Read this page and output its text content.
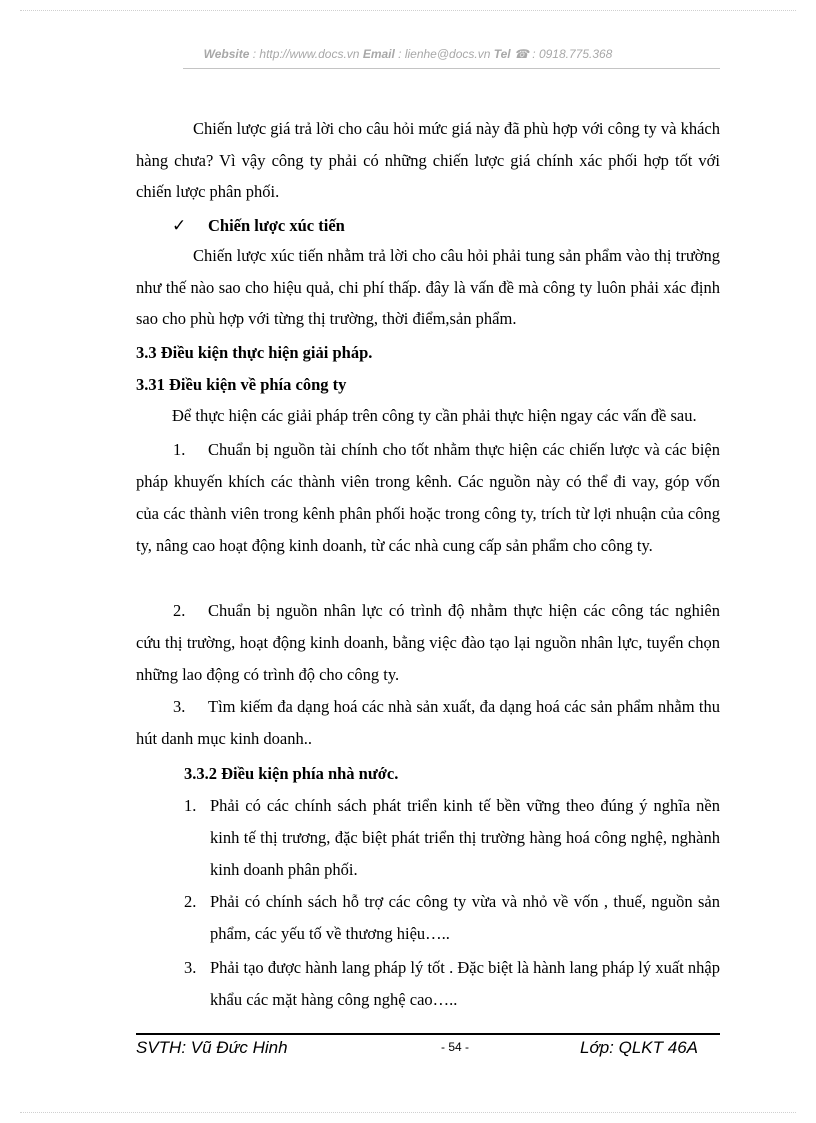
Website : http://www.docs.vn Email : lienhe@docs.vn Tel ☎ : 0918.775.368
Chiến lược giá trả lời cho câu hỏi mức giá này đã phù hợp với công ty và khách hàng chưa? Vì vậy công ty phải có những chiến lược giá chính xác phối hợp tốt với chiến lược phân phối.
✓ Chiến lược xúc tiến
Chiến lược xúc tiến nhằm trả lời cho câu hỏi phải tung sản phẩm vào thị trường như thế nào sao cho hiệu quả, chi phí thấp. đây là vấn đề mà công ty luôn phải xác định sao cho phù hợp với từng thị trường, thời điểm,sản phẩm.
3.3 Điều kiện thực hiện giải pháp.
3.31 Điều kiện về phía công ty
Để thực hiện các giải pháp trên công ty cần phải thực hiện ngay các vấn đề sau.
1. Chuẩn bị nguồn tài chính cho tốt nhằm thực hiện các chiến lược và các biện pháp khuyến khích các thành viên trong kênh. Các nguồn này có thể đi vay, góp vốn của các thành viên trong kênh phân phối hoặc trong công ty, trích từ lợi nhuận của công ty, nâng cao hoạt động kinh doanh, từ các nhà cung cấp sản phẩm cho công ty.
2. Chuẩn bị nguồn nhân lực có trình độ nhằm thực hiện các công tác nghiên cứu thị trường, hoạt động kinh doanh, bằng việc đào tạo lại nguồn nhân lực, tuyển chọn những lao động có trình độ cho công ty.
3. Tìm kiếm đa dạng hoá các nhà sản xuất, đa dạng hoá các sản phẩm nhằm thu hút danh mục kinh doanh..
3.3.2 Điều kiện phía nhà nước.
1. Phải có các chính sách phát triển kinh tế bền vững theo đúng ý nghĩa nền kinh tế thị trương, đặc biệt phát triển thị trường hàng hoá công nghệ, nghành kinh doanh phân phối.
2. Phải có chính sách hỗ trợ các công ty vừa và nhỏ về vốn , thuế, nguồn sản phẩm, các yếu tố về thương hiệu…..
3. Phải tạo được hành lang pháp lý tốt . Đặc biệt là hành lang pháp lý xuất nhập khẩu các mặt hàng công nghệ cao…..
SVTH: Vũ Đức Hinh	- 54 -	Lớp: QLKT 46A
